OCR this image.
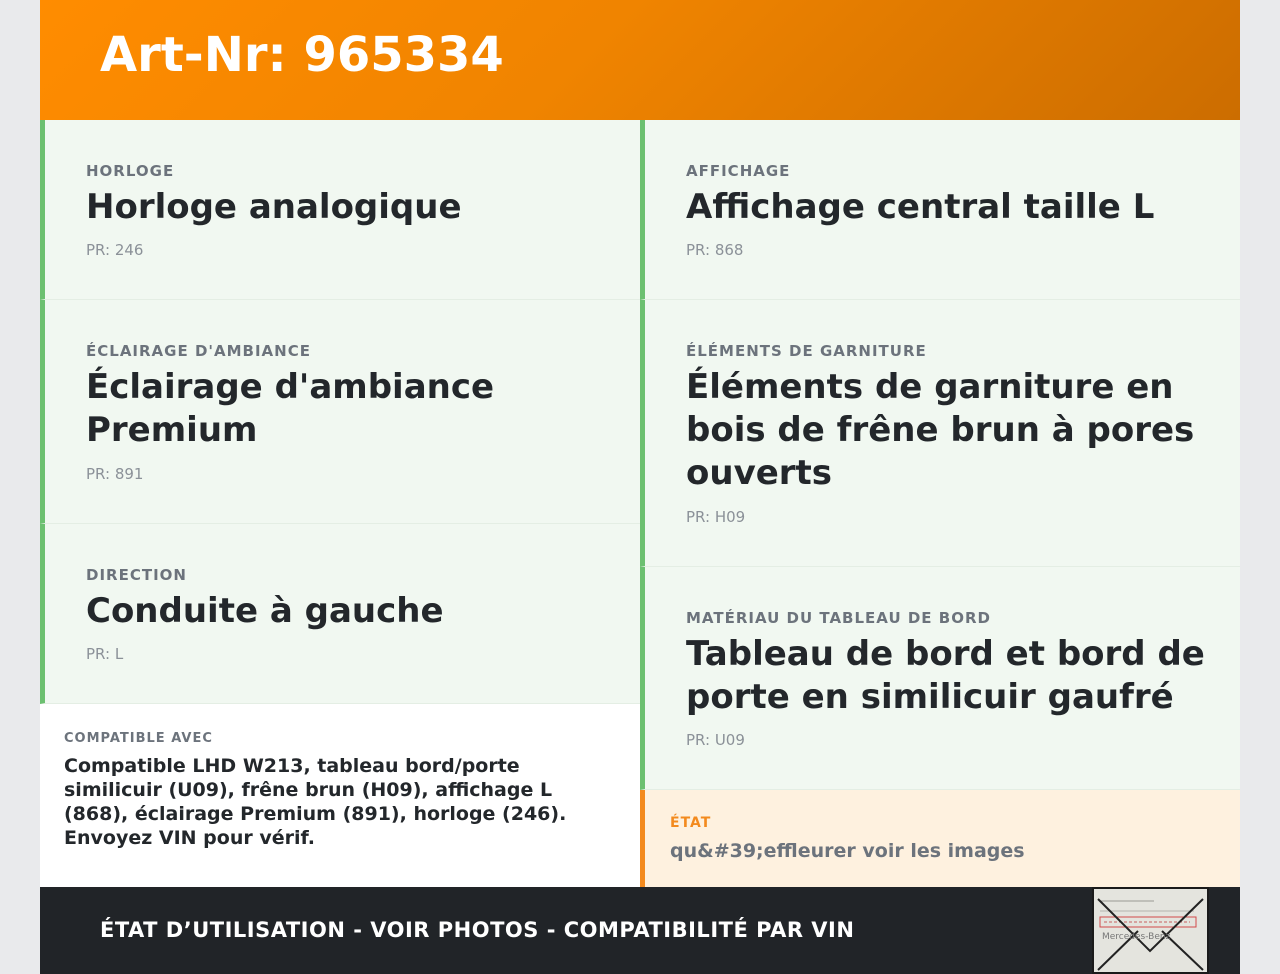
Art-Nr: 965334
HORLOGE
Horloge analogique
PR: 246
ÉCLAIRAGE D'AMBIANCE
Éclairage d'ambiance Premium
PR: 891
DIRECTION
Conduite à gauche
PR: L
AFFICHAGE
Affichage central taille L
PR: 868
ÉLÉMENTS DE GARNITURE
Éléments de garniture en bois de frêne brun à pores ouverts
PR: H09
MATÉRIAU DU TABLEAU DE BORD
Tableau de bord et bord de porte en similicuir gaufré
PR: U09
COMPATIBLE AVEC
Compatible LHD W213, tableau bord/porte similicuir (U09), frêne brun (H09), affichage L (868), éclairage Premium (891), horloge (246). Envoyez VIN pour vérif.
ÉTAT
qu&#39;effleurer voir les images
ÉTAT D’UTILISATION - VOIR PHOTOS - COMPATIBILITÉ PAR VIN	Mercedes-Benz
